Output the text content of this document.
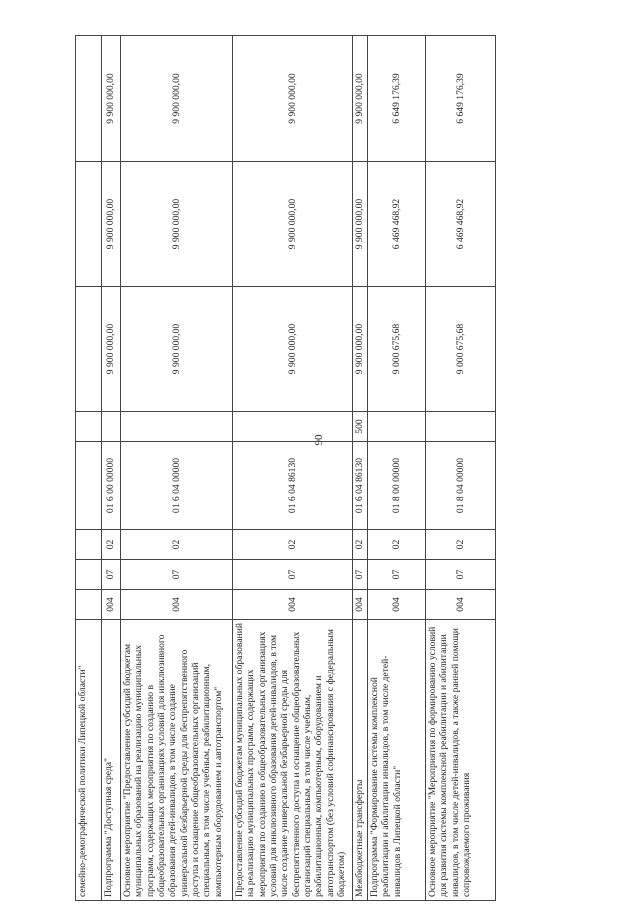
90
семейно-демографической политики Липецкой области"								
Подпрограмма "Доступная среда"	004	07	02	01 6 00 00000		9 900 000,00	9 900 000,00	9 900 000,00
Основное мероприятие "Предоставление субсидий бюджетам муниципальных образований на реализацию муниципальных программ, содержащих мероприятия по созданию в общеобразовательных организациях условий для инклюзивного образования детей-инвалидов, в том числе создание универсальной безбарьерной среды для беспрепятственного доступа и оснащение общеобразовательных организаций специальным, в том числе учебным, реабилитационным, компьютерным оборудованием и автотранспортом"	004	07	02	01 6 04 00000		9 900 000,00	9 900 000,00	9 900 000,00
Предоставление субсидий бюджетам муниципальных образований на реализацию муниципальных программ, содержащих мероприятия по созданию в общеобразовательных организациях условий для инклюзивного образования детей-инвалидов, в том числе создание универсальной безбарьерной среды для беспрепятственного доступа и оснащение общеобразовательных организаций специальным, в том числе учебным, реабилитационным, компьютерным, оборудованием и автотранспортом (без условий софинансирования с федеральным бюджетом)	004	07	02	01 6 04 86130		9 900 000,00	9 900 000,00	9 900 000,00
Межбюджетные трансферты	004	07	02	01 6 04 86130	500	9 900 000,00	9 900 000,00	9 900 000,00
Подпрограмма "Формирование системы комплексной реабилитации и абилитации инвалидов, в том числе детей-инвалидов в Липецкой области"	004	07	02	01 8 00 00000		9 000 675,68	6 469 468,92	6 649 176,39
Основное мероприятие "Мероприятия по формированию условий для развития системы комплексной реабилитации и абилитации инвалидов, в том числе детей-инвалидов, а также ранней помощи сопровождаемого проживания	004	07	02	01 8 04 00000		9 000 675,68	6 469 468,92	6 649 176,39
